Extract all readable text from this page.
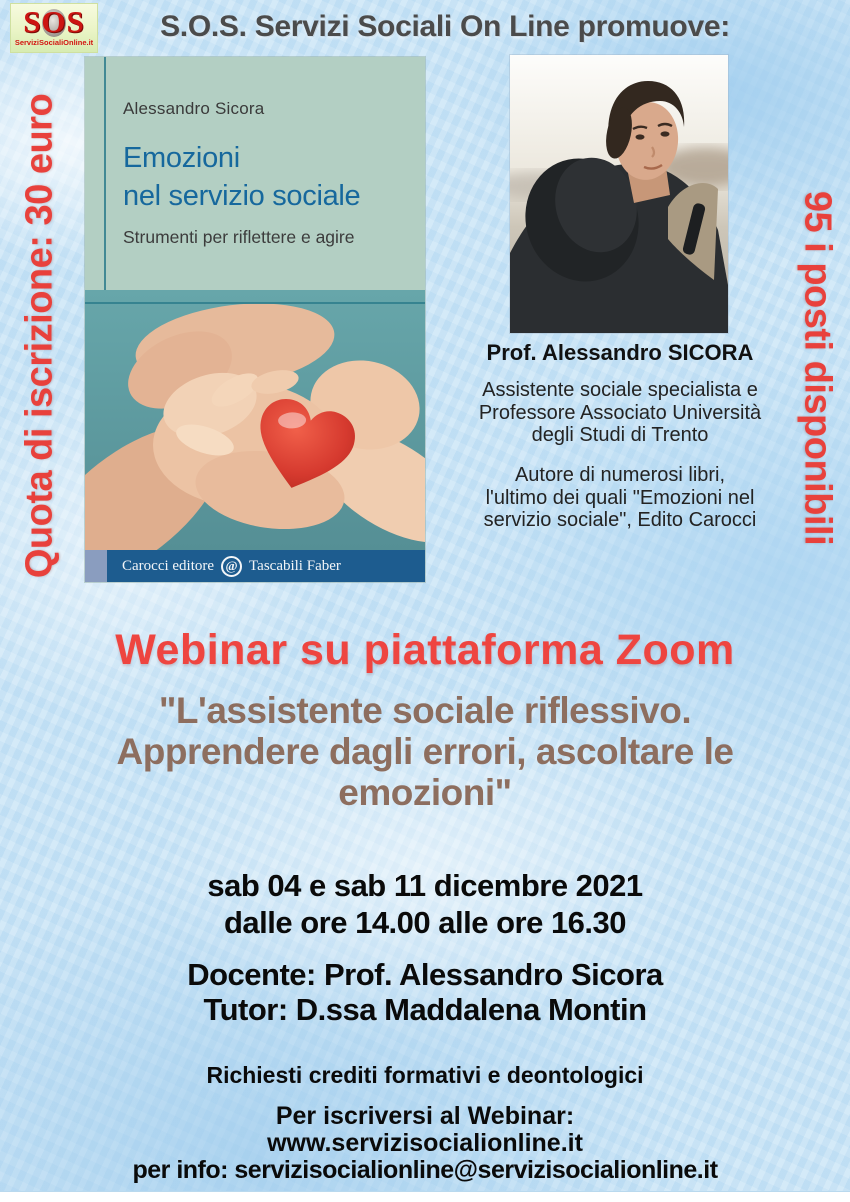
SOS
ServiziSocialiOnline.it	S.O.S. Servizi Sociali On Line promuove:
Quota di iscrizione: 30 euro	95 i posti disponibili
Alessandro Sicora
Emozioni
nel servizio sociale
Strumenti per riflettere e agire
Carocci editore @ Tascabili Faber
Prof. Alessandro SICORA
Assistente sociale specialista e
Professore Associato Università
degli Studi di Trento
Autore di numerosi libri,
l'ultimo dei quali "Emozioni nel
servizio sociale", Edito Carocci
Webinar su piattaforma Zoom
"L'assistente sociale riflessivo.
Apprendere dagli errori, ascoltare le
emozioni"
sab 04 e sab 11 dicembre 2021
dalle ore 14.00 alle ore 16.30
Docente: Prof. Alessandro Sicora
Tutor: D.ssa Maddalena Montin
Richiesti crediti formativi e deontologici
Per iscriversi al Webinar:
www.servizisocialionline.it
per info: servizisocialionline@servizisocialionline.it
